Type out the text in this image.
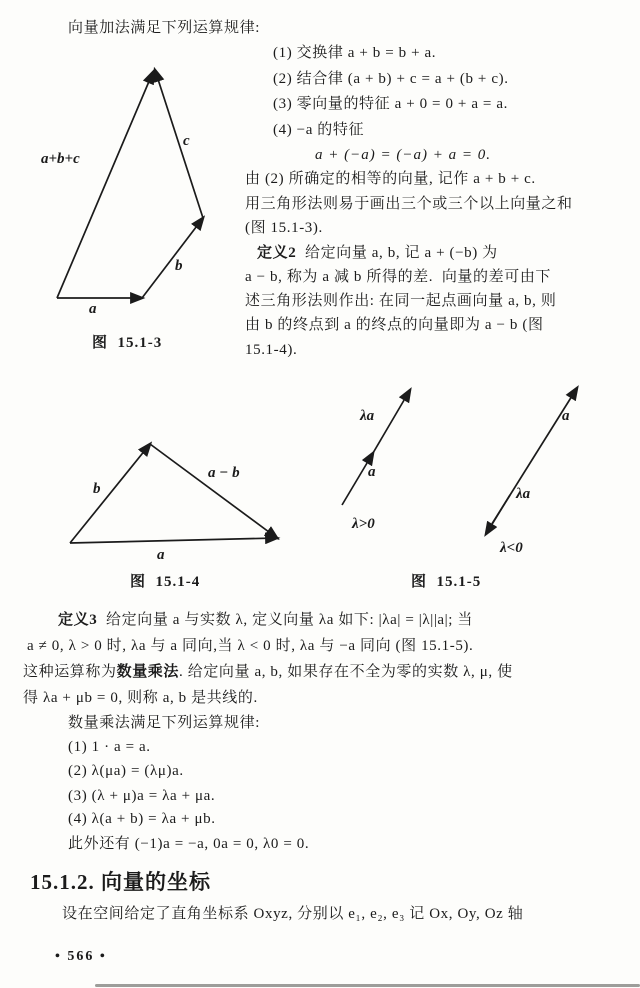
向量加法满足下列运算规律:
(1) 交换律 a + b = b + a.
(2) 结合律 (a + b) + c = a + (b + c).
(3) 零向量的特征 a + 0 = 0 + a = a.
(4) −a 的特征
a + (−a) = (−a) + a = 0.
由 (2) 所确定的相等的向量, 记作 a + b + c.
用三角形法则易于画出三个或三个以上向量之和
(图 15.1-3).
定义2  给定向量 a, b, 记 a + (−b) 为
a − b, 称为 a 减 b 所得的差.  向量的差可由下
述三角形法则作出: 在同一起点画向量 a, b, 则
由 b 的终点到 a 的终点的向量即为 a − b (图
15.1-4).
a+b+c
c
b
a
图  15.1-3
b
a − b
a
图  15.1-4
λa
a
λ>0
a
λa
λ<0
图  15.1-5
定义3  给定向量 a 与实数 λ, 定义向量 λa 如下: |λa| = |λ||a|; 当
a ≠ 0, λ > 0 时, λa 与 a 同向,当 λ < 0 时, λa 与 −a 同向 (图 15.1-5).
这种运算称为数量乘法. 给定向量 a, b, 如果存在不全为零的实数 λ, μ, 使
得 λa + μb = 0, 则称 a, b 是共线的.
数量乘法满足下列运算规律:
(1) 1 · a = a.
(2) λ(μa) = (λμ)a.
(3) (λ + μ)a = λa + μa.
(4) λ(a + b) = λa + μb.
此外还有 (−1)a = −a, 0a = 0, λ0 = 0.
15.1.2. 向量的坐标
设在空间给定了直角坐标系 Oxyz, 分别以 e₁, e₂, e₃ 记 Ox, Oy, Oz 轴
• 566 •
